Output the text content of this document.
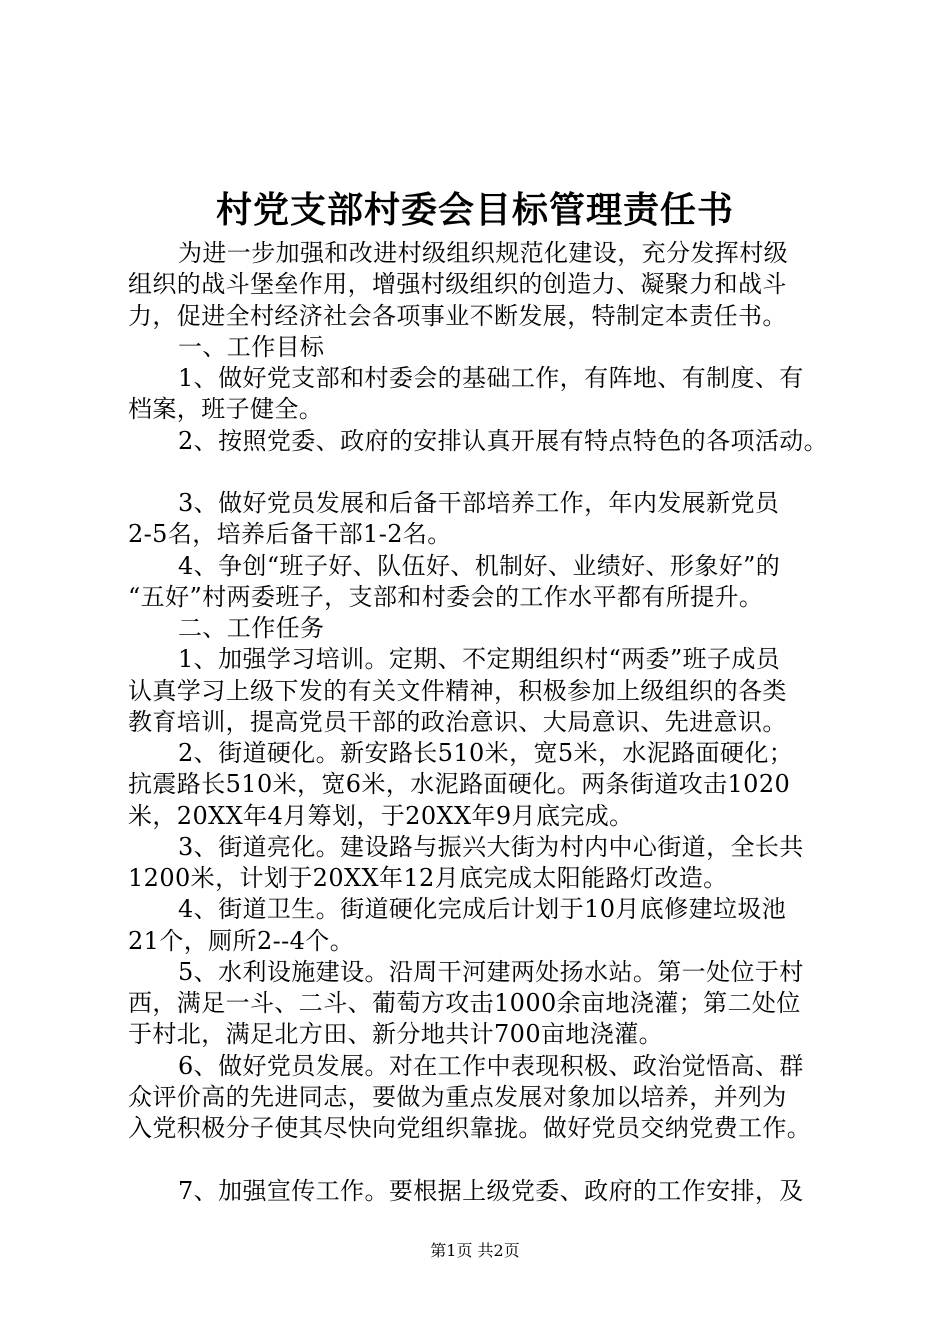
村党支部村委会目标管理责任书
为进一步加强和改进村级组织规范化建设，充分发挥村级
组织的战斗堡垒作用，增强村级组织的创造力、凝聚力和战斗
力，促进全村经济社会各项事业不断发展，特制定本责任书。
一、工作目标
1、做好党支部和村委会的基础工作，有阵地、有制度、有
档案，班子健全。
2、按照党委、政府的安排认真开展有特点特色的各项活动。
3、做好党员发展和后备干部培养工作，年内发展新党员
2-5名，培养后备干部1-2名。
4、争创“班子好、队伍好、机制好、业绩好、形象好”的
“五好”村两委班子，支部和村委会的工作水平都有所提升。
二、工作任务
1、加强学习培训。定期、不定期组织村“两委”班子成员
认真学习上级下发的有关文件精神，积极参加上级组织的各类
教育培训，提高党员干部的政治意识、大局意识、先进意识。
2、街道硬化。新安路长510米，宽5米，水泥路面硬化；
抗震路长510米，宽6米，水泥路面硬化。两条街道攻击1020
米，20XX年4月筹划，于20XX年9月底完成。
3、街道亮化。建设路与振兴大街为村内中心街道，全长共
1200米，计划于20XX年12月底完成太阳能路灯改造。
4、街道卫生。街道硬化完成后计划于10月底修建垃圾池
21个，厕所2--4个。
5、水利设施建设。沿周干河建两处扬水站。第一处位于村
西，满足一斗、二斗、葡萄方攻击1000余亩地浇灌；第二处位
于村北，满足北方田、新分地共计700亩地浇灌。
6、做好党员发展。对在工作中表现积极、政治觉悟高、群
众评价高的先进同志，要做为重点发展对象加以培养，并列为
入党积极分子使其尽快向党组织靠拢。做好党员交纳党费工作。
7、加强宣传工作。要根据上级党委、政府的工作安排，及
第1页 共2页
